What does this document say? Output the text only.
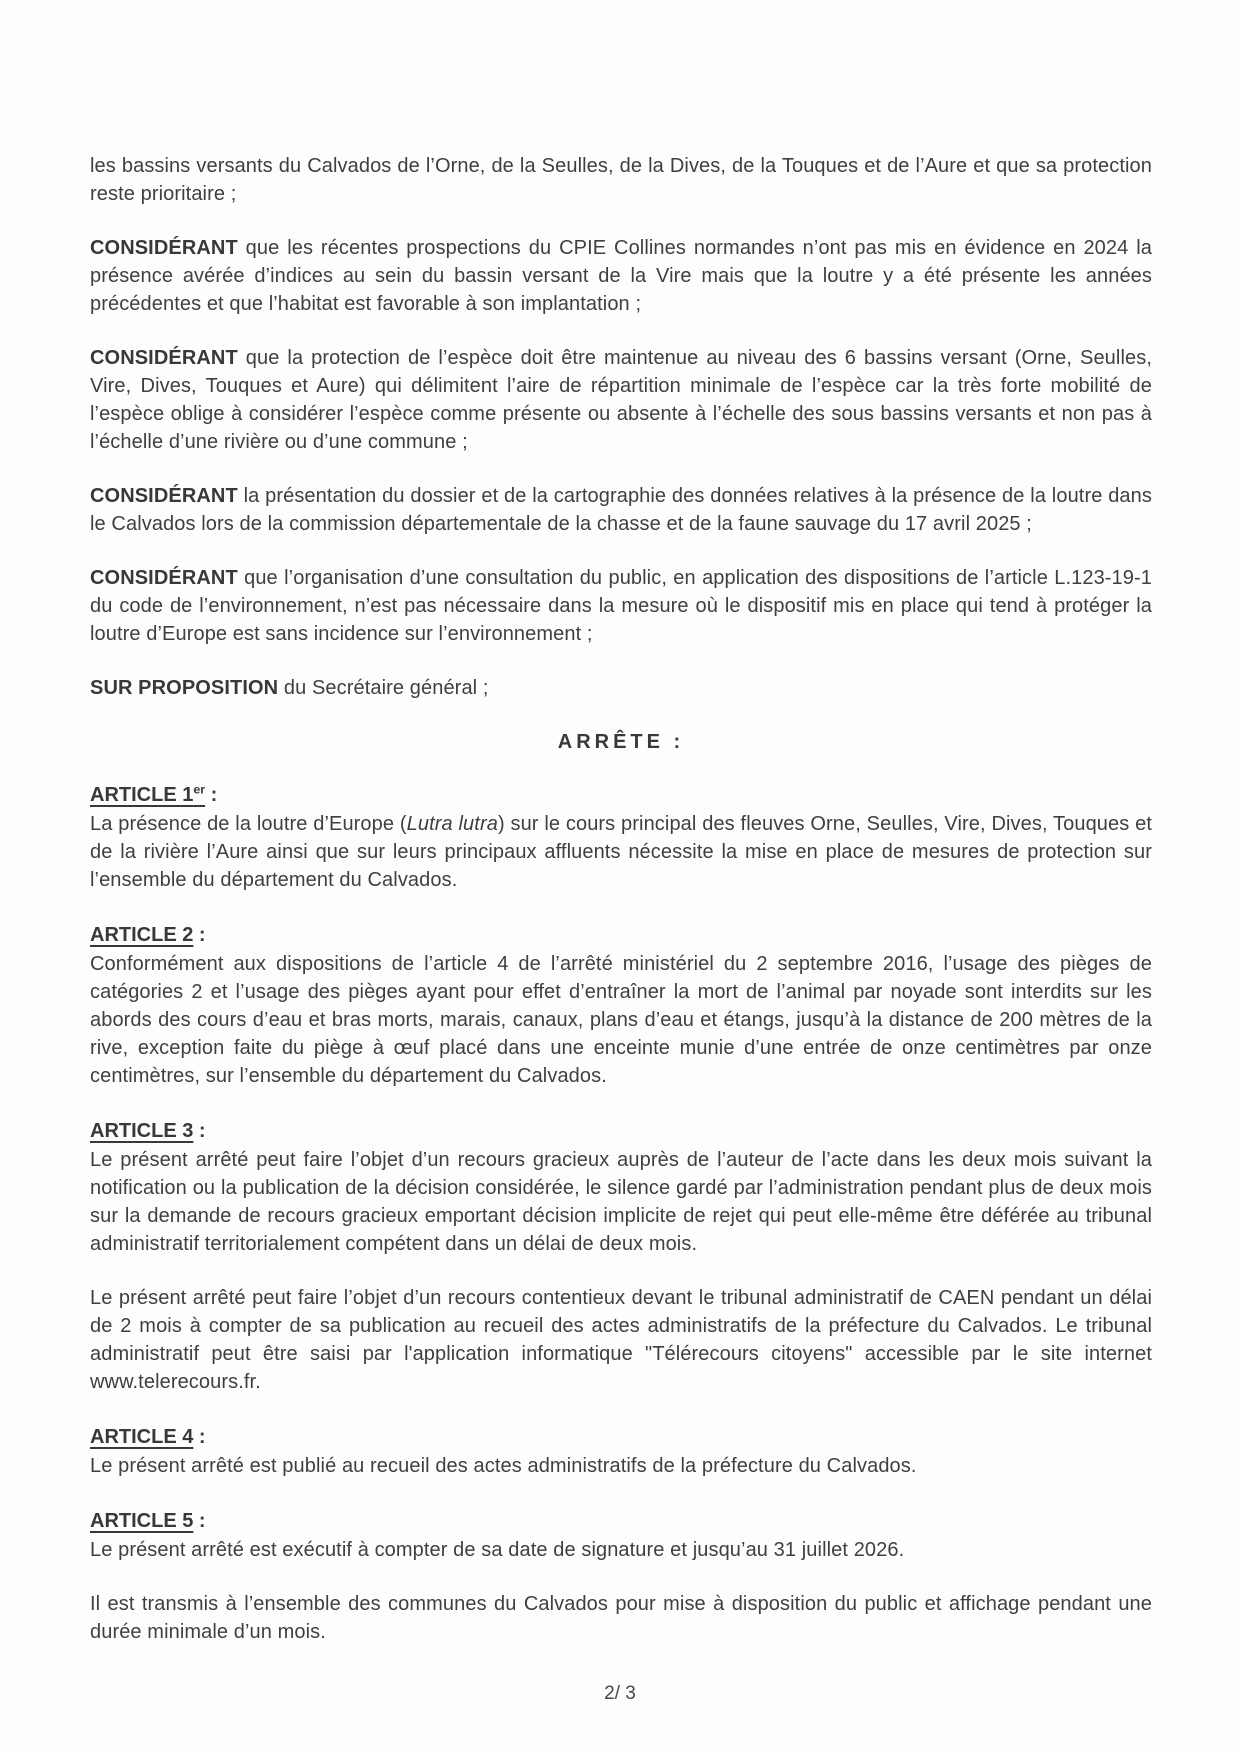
les bassins versants du Calvados de l’Orne, de la Seulles, de la Dives, de la Touques et de l’Aure et que sa protection reste prioritaire ;

CONSIDÉRANT que les récentes prospections du CPIE Collines normandes n’ont pas mis en évidence en 2024 la présence avérée d’indices au sein du bassin versant de la Vire mais que la loutre y a été présente les années précédentes et que l’habitat est favorable à son implantation ;

CONSIDÉRANT que la protection de l’espèce doit être maintenue au niveau des 6 bassins versant (Orne, Seulles, Vire, Dives, Touques et Aure) qui délimitent l’aire de répartition minimale de l’espèce car la très forte mobilité de l’espèce oblige à considérer l’espèce comme présente ou absente à l’échelle des sous bassins versants et non pas à l’échelle d’une rivière ou d’une commune ;

CONSIDÉRANT la présentation du dossier et de la cartographie des données relatives à la présence de la loutre dans le Calvados lors de la commission départementale de la chasse et de la faune sauvage du 17 avril 2025 ;

CONSIDÉRANT que l’organisation d’une consultation du public, en application des dispositions de l’article L.123-19-1 du code de l’environnement, n’est pas nécessaire dans la mesure où le dispositif mis en place qui tend à protéger la loutre d’Europe est sans incidence sur l’environnement ;

SUR PROPOSITION du Secrétaire général ;

ARRÊTE :

ARTICLE 1er :

La présence de la loutre d’Europe (Lutra lutra) sur le cours principal des fleuves Orne, Seulles, Vire, Dives, Touques et de la rivière l’Aure ainsi que sur leurs principaux affluents nécessite la mise en place de mesures de protection sur l’ensemble du département du Calvados.

ARTICLE 2 :

Conformément aux dispositions de l’article 4 de l’arrêté ministériel du 2 septembre 2016, l’usage des pièges de catégories 2 et l’usage des pièges ayant pour effet d’entraîner la mort de l’animal par noyade sont interdits sur les abords des cours d’eau et bras morts, marais, canaux, plans d’eau et étangs, jusqu’à la distance de 200 mètres de la rive, exception faite du piège à œuf placé dans une enceinte munie d’une entrée de onze centimètres par onze centimètres, sur l’ensemble du département du Calvados.

ARTICLE 3 :

Le présent arrêté peut faire l’objet d’un recours gracieux auprès de l’auteur de l’acte dans les deux mois suivant la notification ou la publication de la décision considérée, le silence gardé par l’administration pendant plus de deux mois sur la demande de recours gracieux emportant décision implicite de rejet qui peut elle-même être déférée au tribunal administratif territorialement compétent dans un délai de deux mois.

Le présent arrêté peut faire l’objet d’un recours contentieux devant le tribunal administratif de CAEN pendant un délai de 2 mois à compter de sa publication au recueil des actes administratifs de la préfecture du Calvados. Le tribunal administratif peut être saisi par l'application informatique "Télérecours citoyens" accessible par le site internet www.telerecours.fr.

ARTICLE 4 :

Le présent arrêté est publié au recueil des actes administratifs de la préfecture du Calvados.

ARTICLE 5 :

Le présent arrêté est exécutif à compter de sa date de signature et jusqu’au 31 juillet 2026.

Il est transmis à l’ensemble des communes du Calvados pour mise à disposition du public et affichage pendant une durée minimale d’un mois.

2/ 3
